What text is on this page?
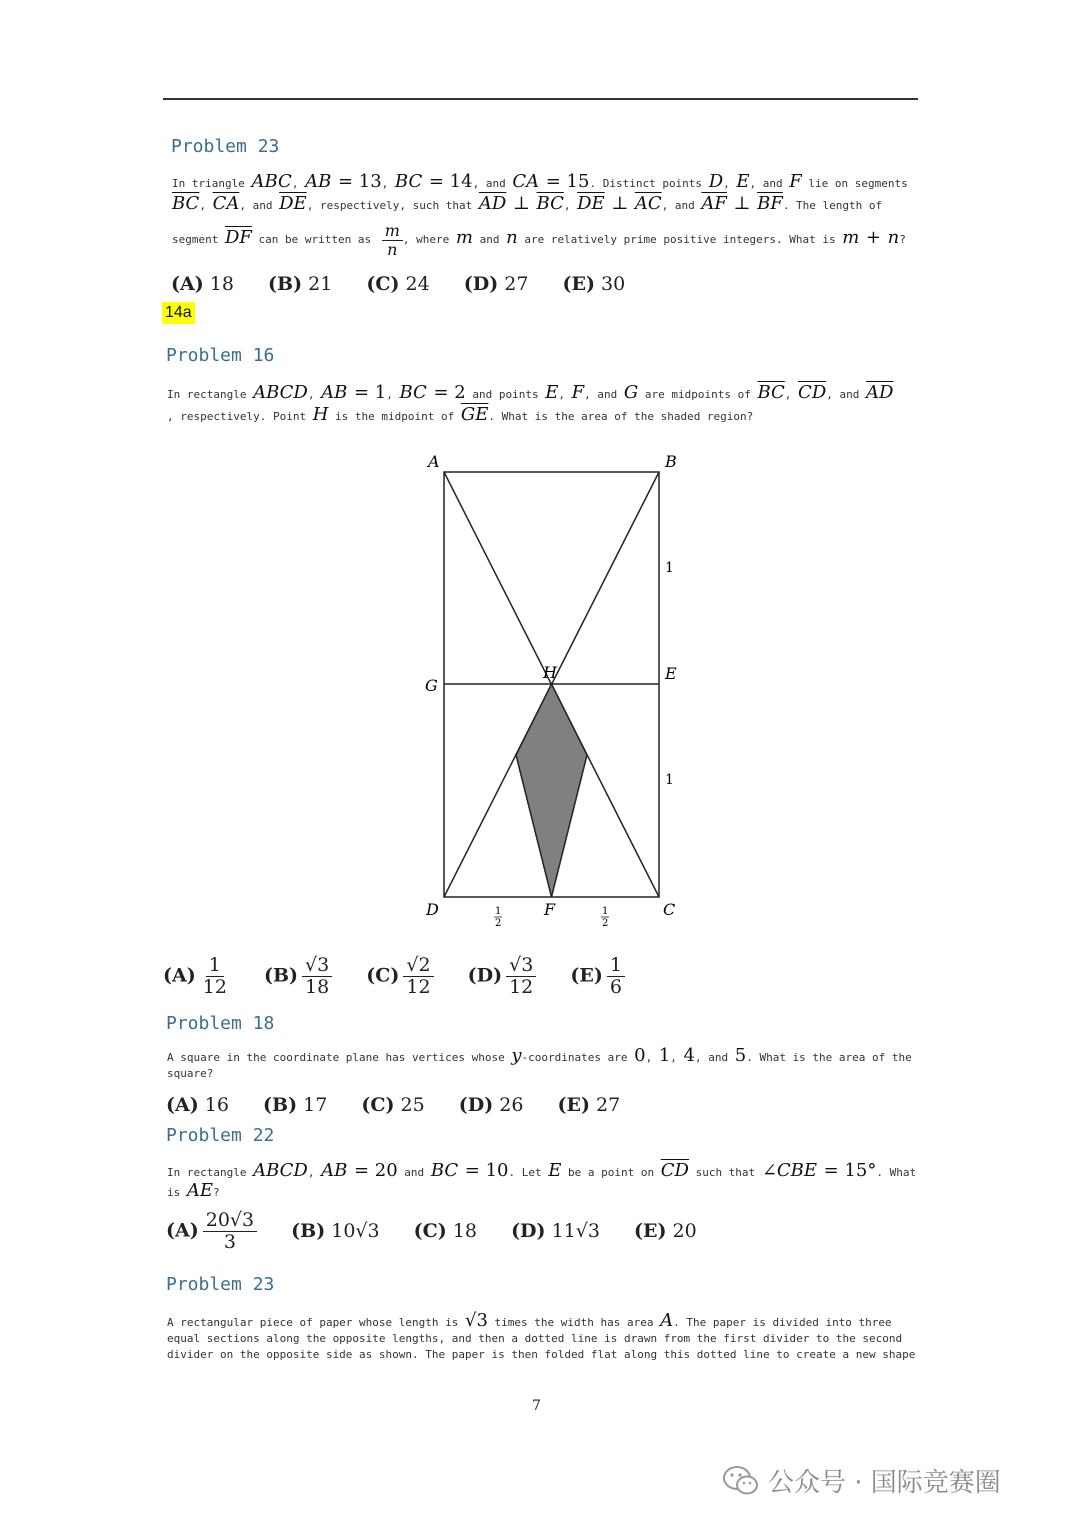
Problem 23
In triangle ABC, AB = 13, BC = 14, and CA = 15. Distinct points D, E, and F lie on segments
$\overline{BC}$, $\overline{CA}$, and $\overline{DE}$, respectively, such that $\overline{AD}$ ⊥ $\overline{BC}$, $\overline{DE}$ ⊥ $\overline{AC}$, and $\overline{AF}$ ⊥ $\overline{BF}$. The length of
segment $\overline{DF}$ can be written as $\frac{m}{n}$ , where m and n are relatively prime positive integers. What is m + n?
(A) 18 (B) 21 (C) 24 (D) 27 (E) 30
14a
Problem 16
In rectangle ABCD, AB = 1, BC = 2 and points E, F, and G are midpoints of $\overline{BC}$, $\overline{CD}$, and $\overline{AD}$
, respectively. Point H is the midpoint of $\overline{GE}$. What is the area of the shaded region?
A	B
C
D
E
F
G
H
1
1
1
2
1
2
$(A) \frac{1}{12} (B) \frac{√3}{18} (C) \frac{√2}{12} (D) \frac{√3}{12} (E) \frac{1}{6}$
Problem 18
A square in the coordinate plane has vertices whose y-coordinates are 0, 1, 4, and 5. What is the area of the
square?
(A) 16 (B) 17 (C) 25 (D) 26 (E) 27
Problem 22
In rectangle ABCD, AB = 20 and BC = 10. Let E be a point on $\overline{CD}$ such that ∠CBE = 15°. What
is AE?
$(A) \frac{20√3}{3} (B)$ 10√3 (C) 18 (D) 11√3 (E) 20
Problem 23
A rectangular piece of paper whose length is √3 times the width has area A. The paper is divided into three
equal sections along the opposite lengths, and then a dotted line is drawn from the first divider to the second
divider on the opposite side as shown. The paper is then folded flat along this dotted line to create a new shape
7
公众号 · 国际竞赛圈
